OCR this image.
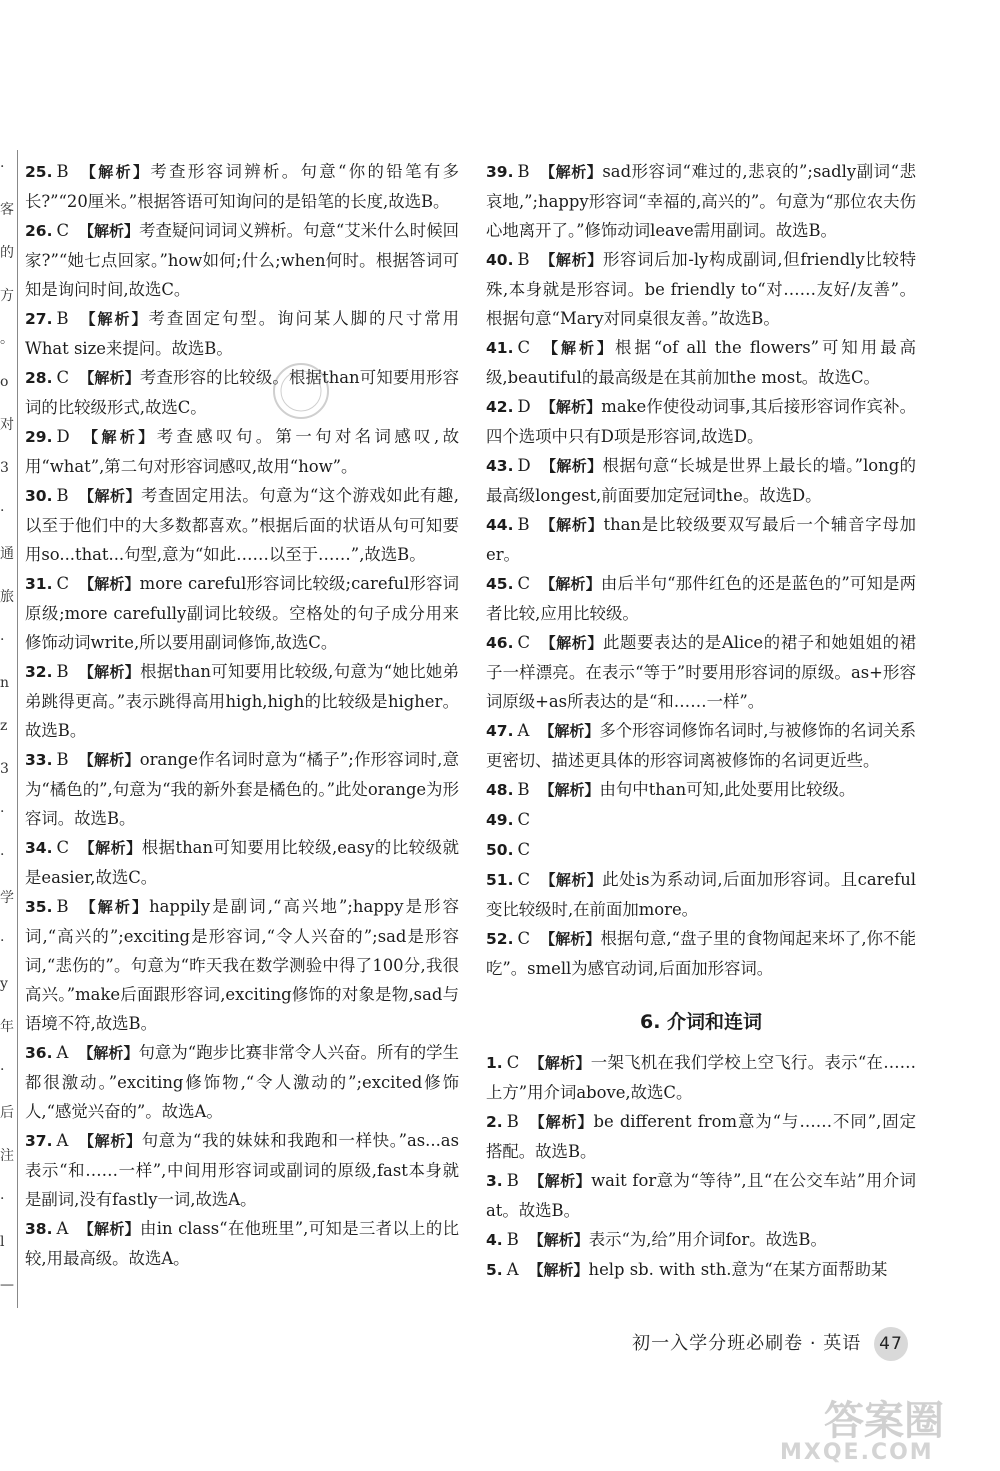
·
客
的
方
。
o
对
3
·
通
旅
·
n
z
3
·
·
学
·
y
年
·
后
注
·
l
—

25. B 【解析】考查形容词辨析。句意“你的铅笔有多长?”“20厘米。”根据答语可知询问的是铅笔的长度,故选B。

26. C 【解析】考查疑问词词义辨析。句意“艾米什么时候回家?”“她七点回家。”how如何;什么;when何时。根据答词可知是询问时间,故选C。

27. B 【解析】考查固定句型。询问某人脚的尺寸常用What size来提问。故选B。

28. C 【解析】考查形容的比较级。根据than可知要用形容词的比较级形式,故选C。

29. D 【解析】考查感叹句。第一句对名词感叹,故用“what”,第二句对形容词感叹,故用“how”。

30. B 【解析】考查固定用法。句意为“这个游戏如此有趣,以至于他们中的大多数都喜欢。”根据后面的状语从句可知要用so...that...句型,意为“如此……以至于……”,故选B。

31. C 【解析】more careful形容词比较级;careful形容词原级;more carefully副词比较级。空格处的句子成分用来修饰动词write,所以要用副词修饰,故选C。

32. B 【解析】根据than可知要用比较级,句意为“她比她弟弟跳得更高。”表示跳得高用high,high的比较级是higher。故选B。

33. B 【解析】orange作名词时意为“橘子”;作形容词时,意为“橘色的”,句意为“我的新外套是橘色的。”此处orange为形容词。故选B。

34. C 【解析】根据than可知要用比较级,easy的比较级就是easier,故选C。

35. B 【解析】happily是副词,“高兴地”;happy是形容词,“高兴的”;exciting是形容词,“令人兴奋的”;sad是形容词,“悲伤的”。句意为“昨天我在数学测验中得了100分,我很高兴。”make后面跟形容词,exciting修饰的对象是物,sad与语境不符,故选B。

36. A 【解析】句意为“跑步比赛非常令人兴奋。所有的学生都很激动。”exciting修饰物,“令人激动的”;excited修饰人,“感觉兴奋的”。故选A。

37. A 【解析】句意为“我的妹妹和我跑和一样快。”as...as表示“和……一样”,中间用形容词或副词的原级,fast本身就是副词,没有fastly一词,故选A。

38. A 【解析】由in class“在他班里”,可知是三者以上的比较,用最高级。故选A。

39. B 【解析】sad形容词“难过的,悲哀的”;sadly副词“悲哀地,”;happy形容词“幸福的,高兴的”。句意为“那位农夫伤心地离开了。”修饰动词leave需用副词。故选B。

40. B 【解析】形容词后加-ly构成副词,但friendly比较特殊,本身就是形容词。be friendly to“对……友好/友善”。根据句意“Mary对同桌很友善。”故选B。

41. C 【解析】根据“of all the flowers”可知用最高级,beautiful的最高级是在其前加the most。故选C。

42. D 【解析】make作使役动词事,其后接形容词作宾补。四个选项中只有D项是形容词,故选D。

43. D 【解析】根据句意“长城是世界上最长的墙。”long的最高级longest,前面要加定冠词the。故选D。

44. B 【解析】than是比较级要双写最后一个辅音字母加er。

45. C 【解析】由后半句“那件红色的还是蓝色的”可知是两者比较,应用比较级。

46. C 【解析】此题要表达的是Alice的裙子和她姐姐的裙子一样漂亮。在表示“等于”时要用形容词的原级。as+形容词原级+as所表达的是“和……一样”。

47. A 【解析】多个形容词修饰名词时,与被修饰的名词关系更密切、描述更具体的形容词离被修饰的名词更近些。

48. B 【解析】由句中than可知,此处要用比较级。

49. C

50. C

51. C 【解析】此处is为系动词,后面加形容词。且careful变比较级时,在前面加more。

52. C 【解析】根据句意,“盘子里的食物闻起来坏了,你不能吃”。smell为感官动词,后面加形容词。

6. 介词和连词

1. C 【解析】一架飞机在我们学校上空飞行。表示“在……上方”用介词above,故选C。

2. B 【解析】be different from意为“与……不同”,固定搭配。故选B。

3. B 【解析】wait for意为“等待”,且“在公交车站”用介词at。故选B。

4. B 【解析】表示“为,给”用介词for。故选B。

5. A 【解析】help sb. with sth.意为“在某方面帮助某

初一入学分班必刷卷 · 英语 47
答案圈
MXQE.COM
